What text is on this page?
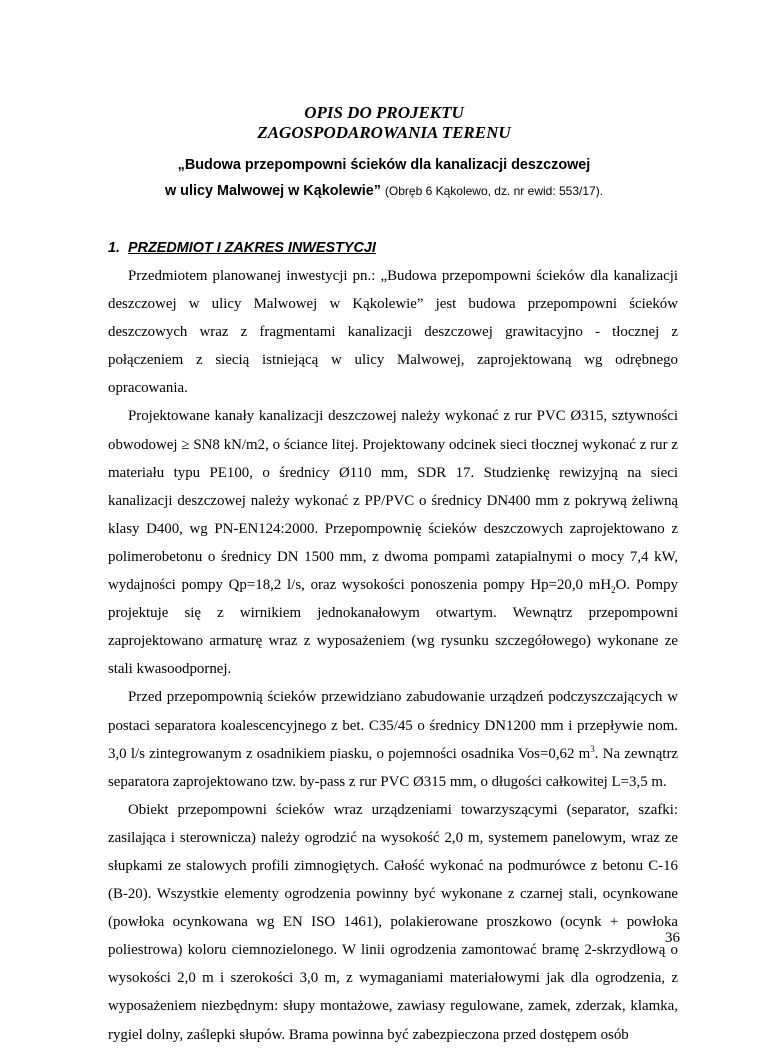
OPIS DO PROJEKTU
ZAGOSPODAROWANIA TERENU
„Budowa przepompowni ścieków dla kanalizacji deszczowej
w ulicy Malwowej w Kąkolewie” (Obręb 6 Kąkolewo, dz. nr ewid: 553/17).
1. PRZEDMIOT I ZAKRES INWESTYCJI

Przedmiotem planowanej inwestycji pn.: „Budowa przepompowni ścieków dla kanalizacji deszczowej w ulicy Malwowej w Kąkolewie” jest budowa przepompowni ścieków deszczowych wraz z fragmentami kanalizacji deszczowej grawitacyjno - tłocznej z połączeniem z siecią istniejącą w ulicy Malwowej, zaprojektowaną wg odrębnego opracowania.

Projektowane kanały kanalizacji deszczowej należy wykonać z rur PVC Ø315, sztywności obwodowej ≥ SN8 kN/m2, o ściance litej. Projektowany odcinek sieci tłocznej wykonać z rur z materiału typu PE100, o średnicy Ø110 mm, SDR 17. Studzienkę rewizyjną na sieci kanalizacji deszczowej należy wykonać z PP/PVC o średnicy DN400 mm z pokrywą żeliwną klasy D400, wg PN-EN124:2000. Przepompownię ścieków deszczowych zaprojektowano z polimerobetonu o średnicy DN 1500 mm, z dwoma pompami zatapialnymi o mocy 7,4 kW, wydajności pompy Qp=18,2 l/s, oraz wysokości ponoszenia pompy Hp=20,0 $mH_2O$. Pompy projektuje się z wirnikiem jednokanałowym otwartym. Wewnątrz przepompowni zaprojektowano armaturę wraz z wyposażeniem (wg rysunku szczegółowego) wykonane ze stali kwasoodpornej.

Przed przepompownią ścieków przewidziano zabudowanie urządzeń podczyszczających w postaci separatora koalescencyjnego z bet. C35/45 o średnicy DN1200 mm i przepływie nom. 3,0 l/s zintegrowanym z osadnikiem piasku, o pojemności osadnika Vos=0,62 $m^3$. Na zewnątrz separatora zaprojektowano tzw. by-pass z rur PVC Ø315 mm, o długości całkowitej L=3,5 m.

Obiekt przepompowni ścieków wraz urządzeniami towarzyszącymi (separator, szafki: zasilająca i sterownicza) należy ogrodzić na wysokość 2,0 m, systemem panelowym, wraz ze słupkami ze stalowych profili zimnogiętych. Całość wykonać na podmurówce z betonu C-16 (B-20). Wszystkie elementy ogrodzenia powinny być wykonane z czarnej stali, ocynkowane (powłoka ocynkowana wg EN ISO 1461), polakierowane proszkowo (ocynk + powłoka poliestrowa) koloru ciemnozielonego. W linii ogrodzenia zamontować bramę 2-skrzydłową o wysokości 2,0 m i szerokości 3,0 m, z wymaganiami materiałowymi jak dla ogrodzenia, z wyposażeniem niezbędnym: słupy montażowe, zawiasy regulowane, zamek, zderzak, klamka, rygiel dolny, zaślepki słupów. Brama powinna być zabezpieczona przed dostępem osób

36
